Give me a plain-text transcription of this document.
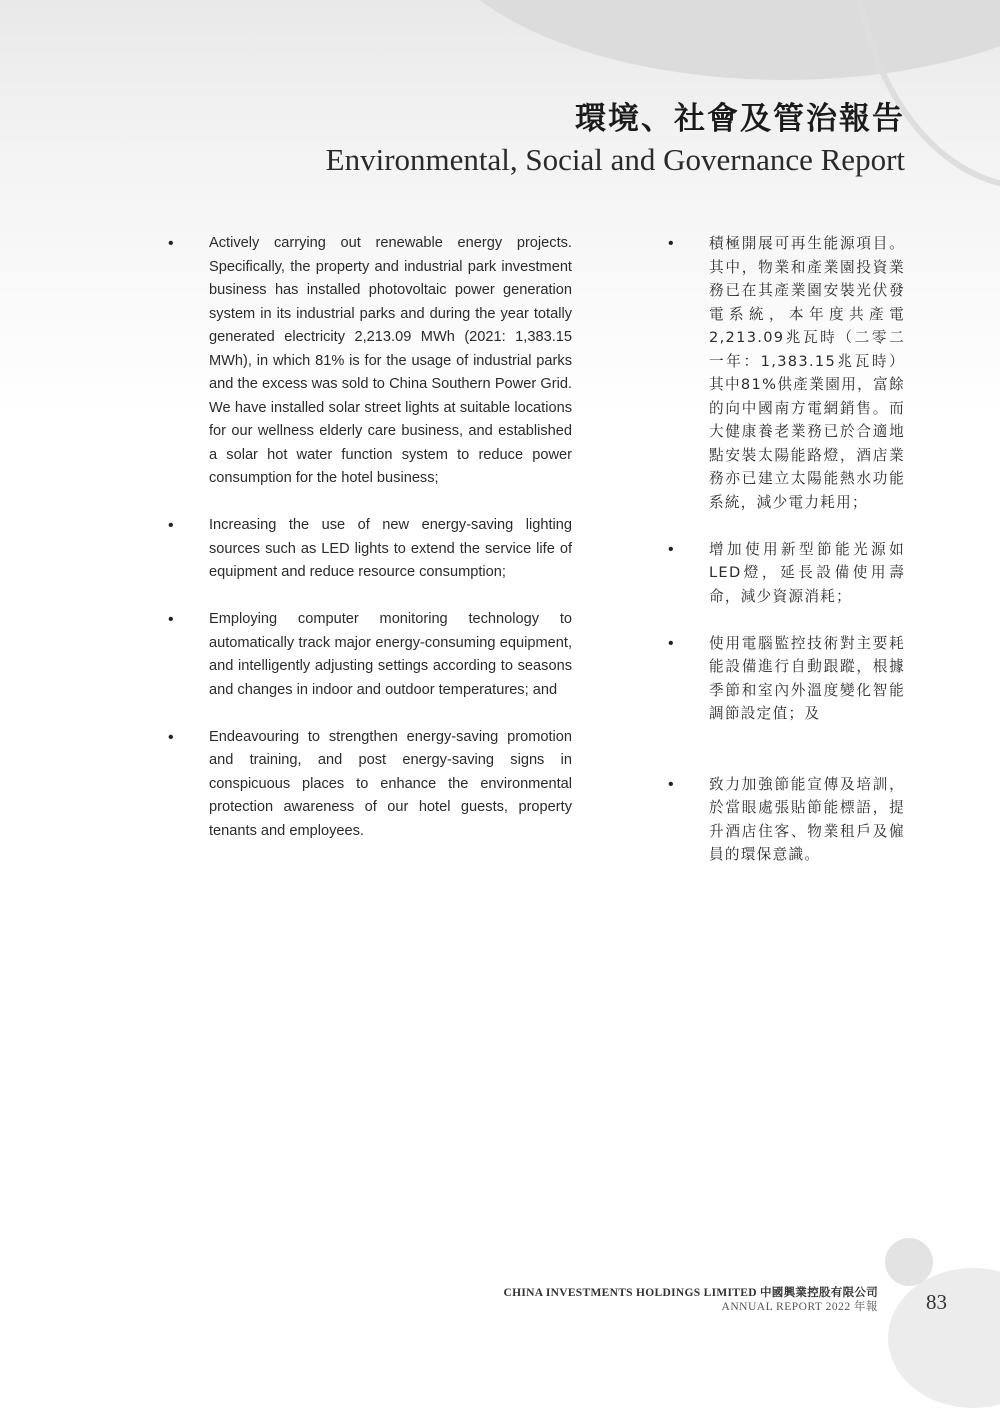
環境、社會及管治報告
Environmental, Social and Governance Report
• Actively carrying out renewable energy projects. Specifically, the property and industrial park investment business has installed photovoltaic power generation system in its industrial parks and during the year totally generated electricity 2,213.09 MWh (2021: 1,383.15 MWh), in which 81% is for the usage of industrial parks and the excess was sold to China Southern Power Grid. We have installed solar street lights at suitable locations for our wellness elderly care business, and established a solar hot water function system to reduce power consumption for the hotel business;
• Increasing the use of new energy-saving lighting sources such as LED lights to extend the service life of equipment and reduce resource consumption;
• Employing computer monitoring technology to automatically track major energy-consuming equipment, and intelligently adjusting settings according to seasons and changes in indoor and outdoor temperatures; and
• Endeavouring to strengthen energy-saving promotion and training, and post energy-saving signs in conspicuous places to enhance the environmental protection awareness of our hotel guests, property tenants and employees.
• 積極開展可再生能源項目。其中，物業和產業園投資業務已在其產業園安裝光伏發電系統，本年度共產電2,213.09兆瓦時（二零二一年：1,383.15兆瓦時）其中81%供產業園用，富餘的向中國南方電網銷售。而大健康養老業務已於合適地點安裝太陽能路燈，酒店業務亦已建立太陽能熱水功能系統，減少電力耗用；
• 增加使用新型節能光源如LED燈，延長設備使用壽命，減少資源消耗；
• 使用電腦監控技術對主要耗能設備進行自動跟蹤，根據季節和室內外溫度變化智能調節設定值；及
• 致力加強節能宣傳及培訓，於當眼處張貼節能標語，提升酒店住客、物業租戶及僱員的環保意識。
CHINA INVESTMENTS HOLDINGS LIMITED 中國興業控股有限公司
ANNUAL REPORT 2022 年報 83
